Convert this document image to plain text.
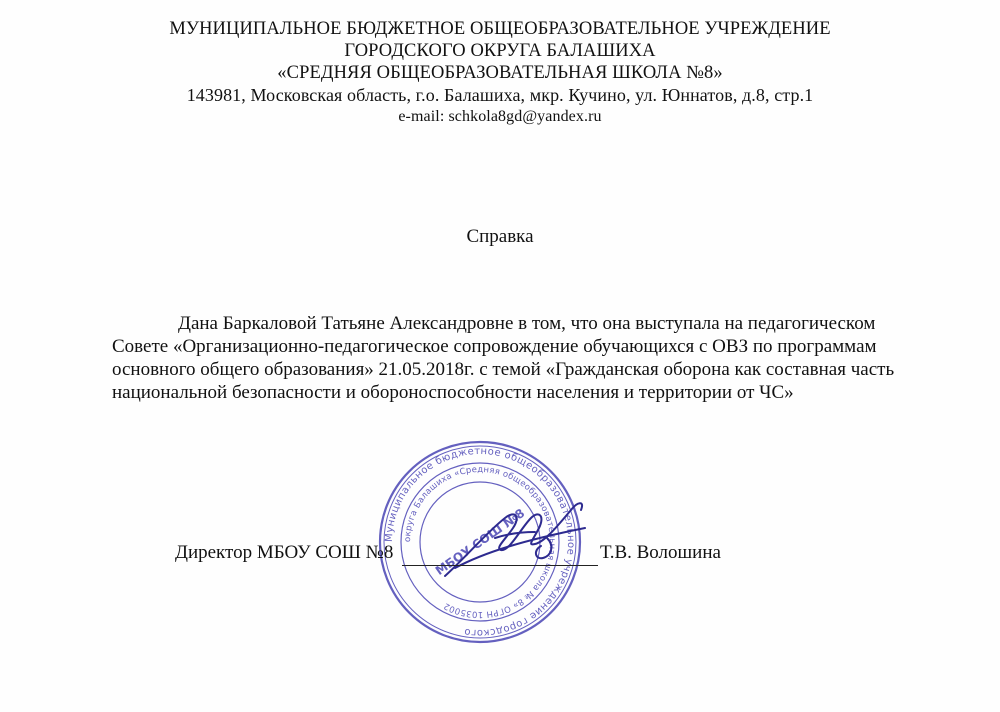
МУНИЦИПАЛЬНОЕ БЮДЖЕТНОЕ ОБЩЕОБРАЗОВАТЕЛЬНОЕ УЧРЕЖДЕНИЕ
ГОРОДСКОГО ОКРУГА БАЛАШИХА
«СРЕДНЯЯ ОБЩЕОБРАЗОВАТЕЛЬНАЯ ШКОЛА №8»
143981, Московская область, г.о. Балашиха, мкр. Кучино, ул. Юннатов, д.8, стр.1
e-mail: schkola8gd@yandex.ru
Справка
Дана Баркаловой Татьяне Александровне в том, что она выступала на педагогическом Совете «Организационно-педагогическое сопровождение обучающихся с ОВЗ по программам основного общего образования» 21.05.2018г. с темой «Гражданская оборона как составная часть национальной безопасности и обороноспособности населения и территории от ЧС»
Муниципальное бюджетное общеобразовательное учреждение городского
округа Балашиха «Средняя общеобразовательная школа № 8» ОГРН 1035002
МБОУ СОШ №8
Директор МБОУ СОШ №8	Т.В. Волошина
